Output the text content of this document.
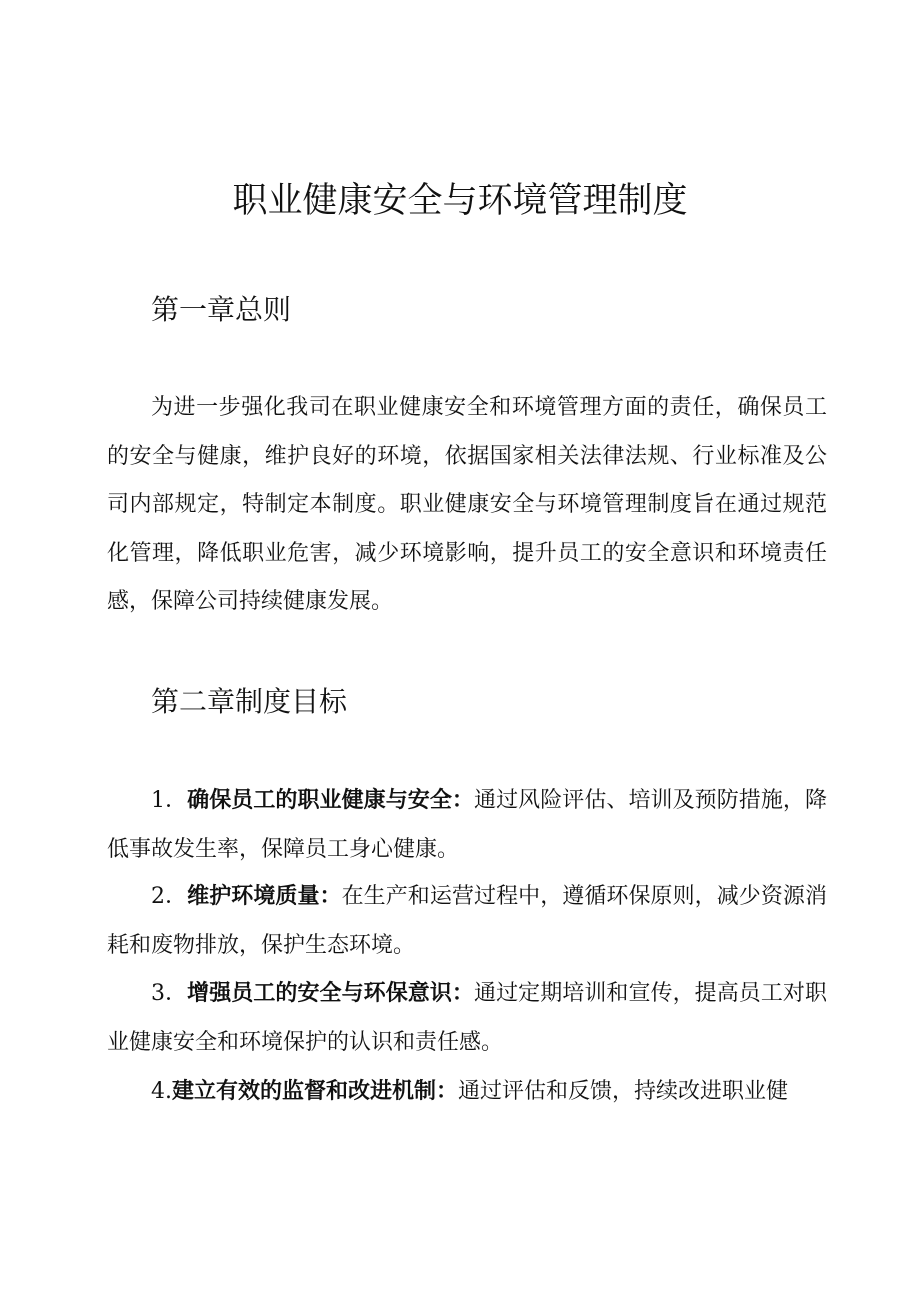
职业健康安全与环境管理制度
第一章总则

为进一步强化我司在职业健康安全和环境管理方面的责任，确保员工的安全与健康，维护良好的环境，依据国家相关法律法规、行业标准及公司内部规定，特制定本制度。职业健康安全与环境管理制度旨在通过规范化管理，降低职业危害，减少环境影响，提升员工的安全意识和环境责任感，保障公司持续健康发展。

第二章制度目标

1．确保员工的职业健康与安全：通过风险评估、培训及预防措施，降低事故发生率，保障员工身心健康。

2．维护环境质量：在生产和运营过程中，遵循环保原则，减少资源消耗和废物排放，保护生态环境。

3．增强员工的安全与环保意识：通过定期培训和宣传，提高员工对职业健康安全和环境保护的认识和责任感。

4.建立有效的监督和改进机制：通过评估和反馈，持续改进职业健
